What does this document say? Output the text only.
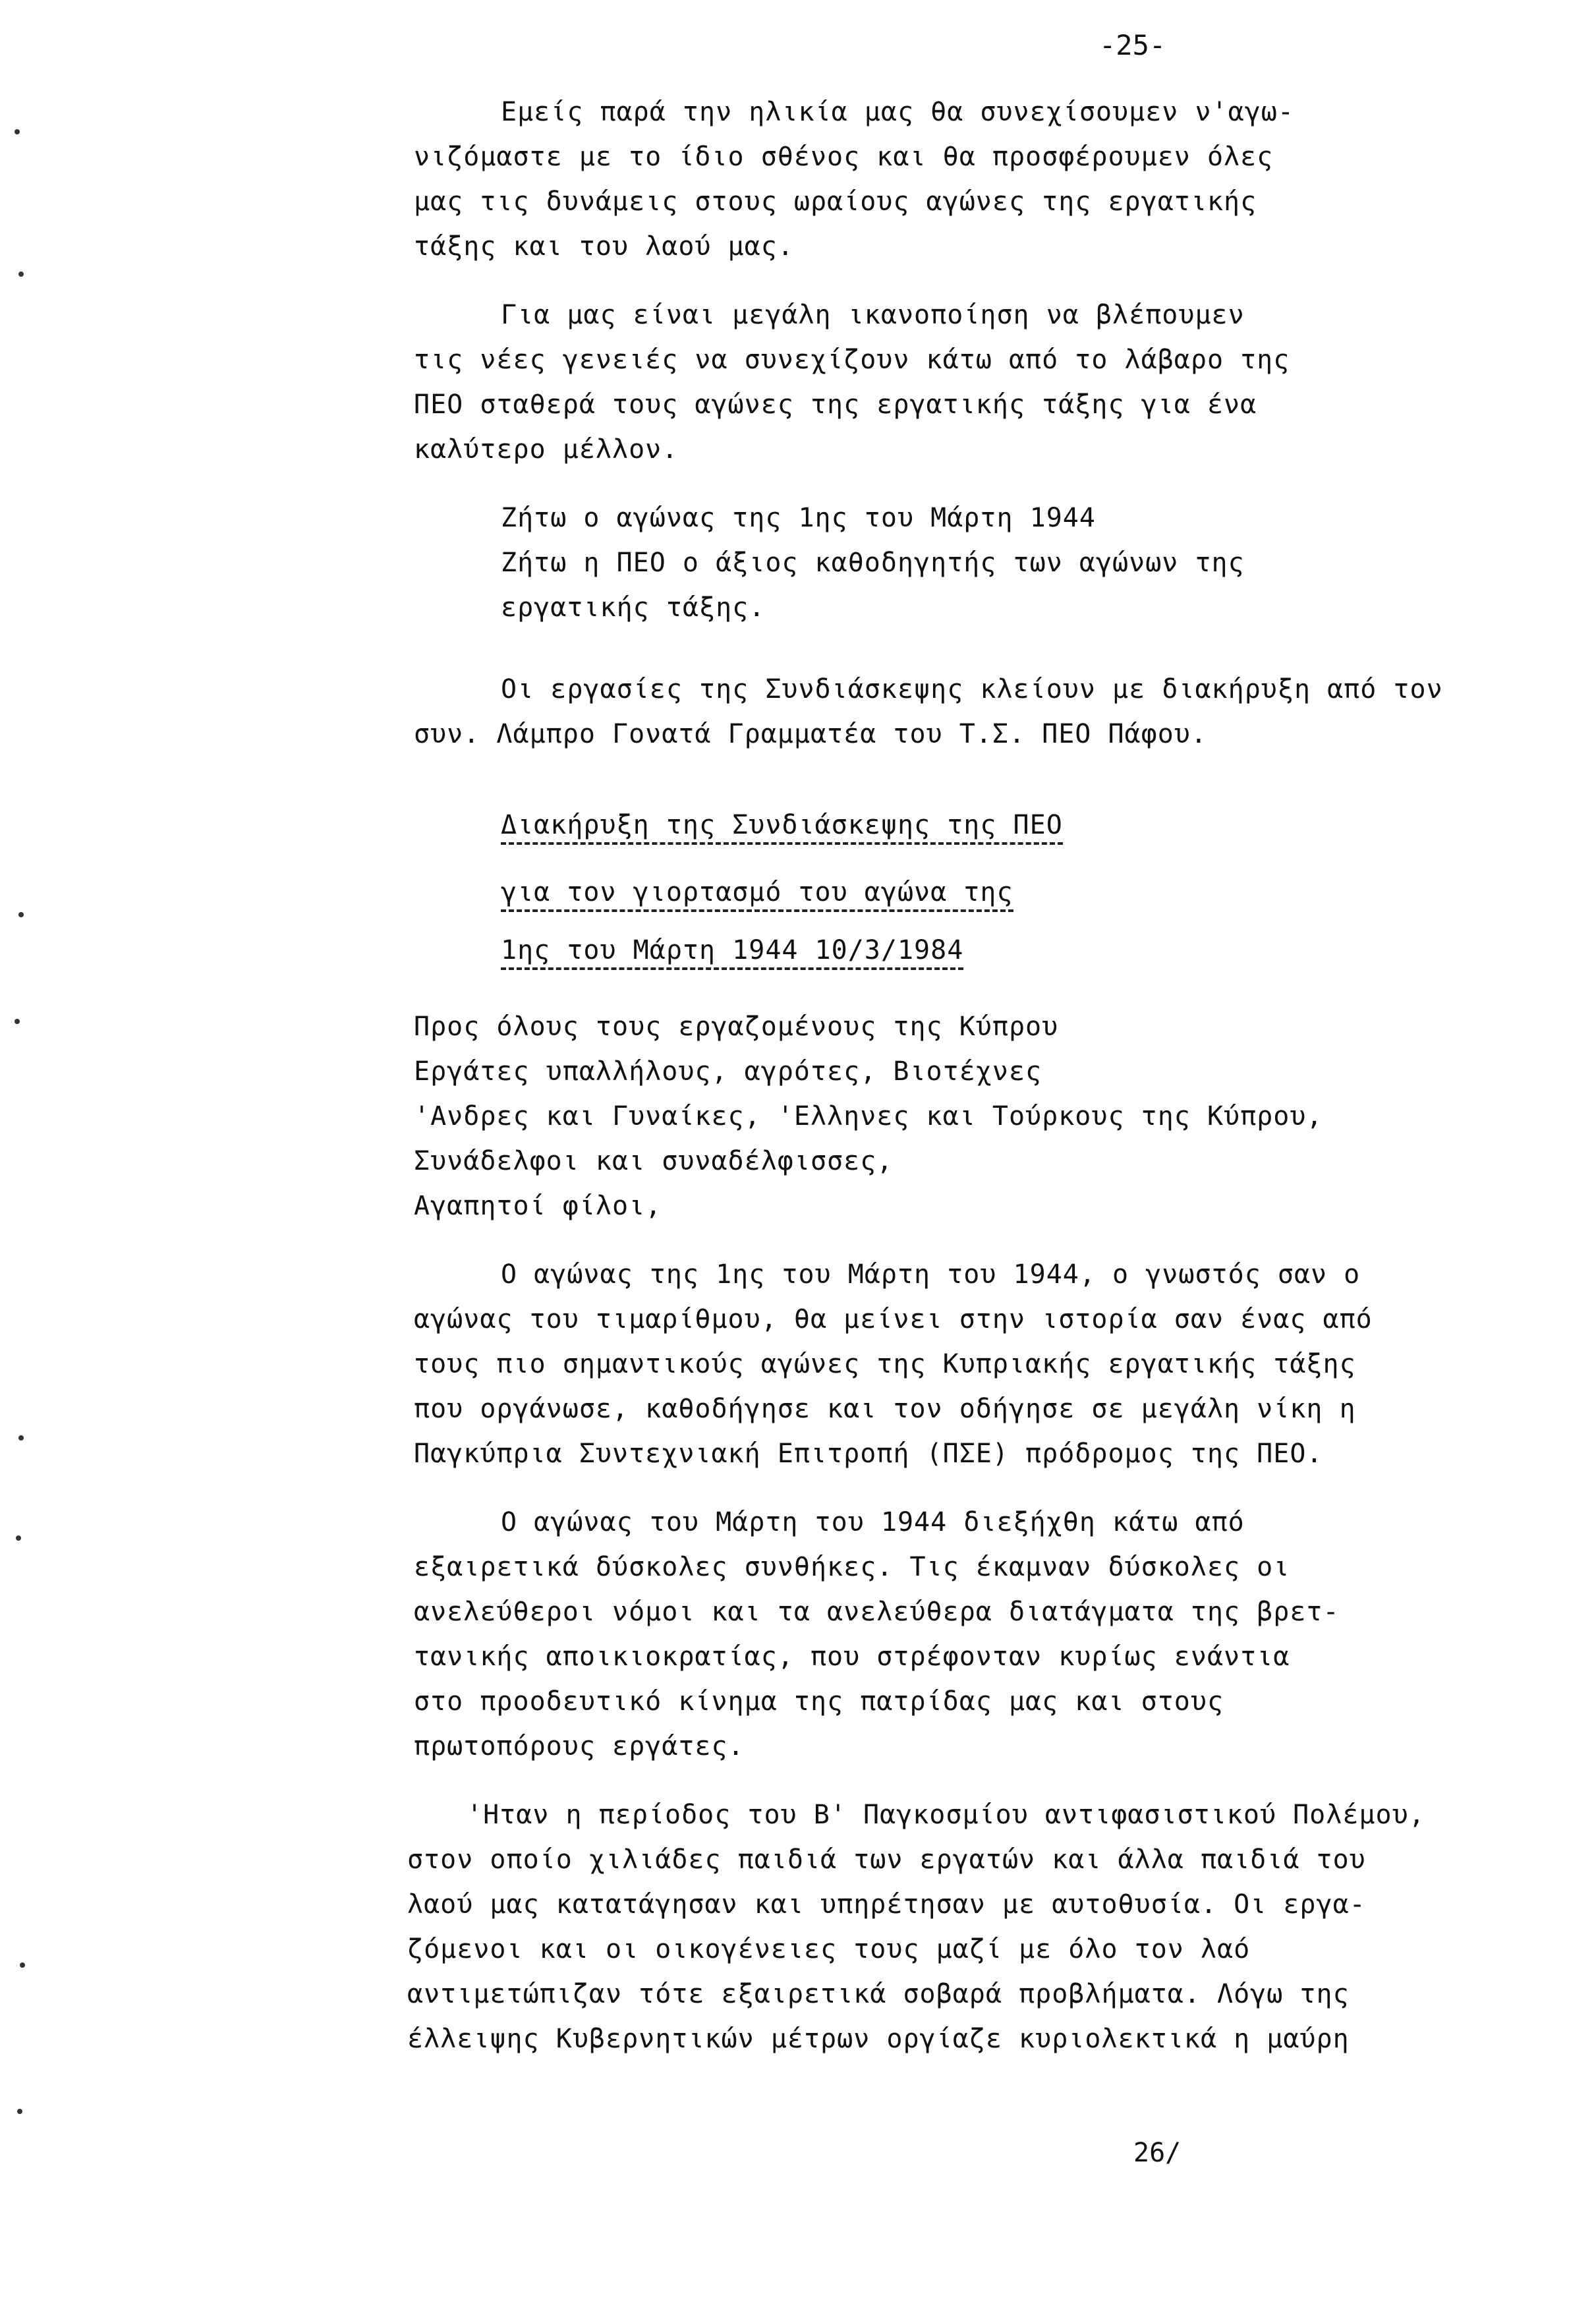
-25-
Εμείς παρά την ηλικία μας θα συνεχίσουμεν ν'αγω-
νιζόμαστε με το ίδιο σθένος και θα προσφέρουμεν όλες
μας τις δυνάμεις στους ωραίους αγώνες της εργατικής
τάξης και του λαού μας.
Για μας είναι μεγάλη ικανοποίηση να βλέπουμεν
τις νέες γενειές να συνεχίζουν κάτω από το λάβαρο της
ΠΕΟ σταθερά τους αγώνες της εργατικής τάξης για ένα
καλύτερο μέλλον.
Ζήτω ο αγώνας της 1ης του Μάρτη 1944
Ζήτω η ΠΕΟ ο άξιος καθοδηγητής των αγώνων της
εργατικής τάξης.
Οι εργασίες της Συνδιάσκεψης κλείουν με διακήρυξη από τον
συν. Λάμπρο Γονατά Γραμματέα του Τ.Σ. ΠΕΟ Πάφου.
Διακήρυξη της Συνδιάσκεψης της ΠΕΟ
για τον γιορτασμό του αγώνα της
1ης του Μάρτη 1944 10/3/1984
Προς όλους τους εργαζομένους της Κύπρου
Εργάτες υπαλλήλους, αγρότες, Βιοτέχνες
'Ανδρες και Γυναίκες, 'Ελληνες και Τούρκους της Κύπρου,
Συνάδελφοι και συναδέλφισσες,
Αγαπητοί φίλοι,
Ο αγώνας της 1ης του Μάρτη του 1944, ο γνωστός σαν ο
αγώνας του τιμαρίθμου, θα μείνει στην ιστορία σαν ένας από
τους πιο σημαντικούς αγώνες της Κυπριακής εργατικής τάξης
που οργάνωσε, καθοδήγησε και τον οδήγησε σε μεγάλη νίκη η
Παγκύπρια Συντεχνιακή Επιτροπή (ΠΣΕ) πρόδρομος της ΠΕΟ.
Ο αγώνας του Μάρτη του 1944 διεξήχθη κάτω από
εξαιρετικά δύσκολες συνθήκες. Τις έκαμναν δύσκολες οι
ανελεύθεροι νόμοι και τα ανελεύθερα διατάγματα της βρετ-
τανικής αποικιοκρατίας, που στρέφονταν κυρίως ενάντια
στο προοδευτικό κίνημα της πατρίδας μας και στους
πρωτοπόρους εργάτες.
'Ηταν η περίοδος του Β' Παγκοσμίου αντιφασιστικού Πολέμου,
στον οποίο χιλιάδες παιδιά των εργατών και άλλα παιδιά του
λαού μας κατατάγησαν και υπηρέτησαν με αυτοθυσία. Οι εργα-
ζόμενοι και οι οικογένειες τους μαζί με όλο τον λαό
αντιμετώπιζαν τότε εξαιρετικά σοβαρά προβλήματα. Λόγω της
έλλειψης Κυβερνητικών μέτρων οργίαζε κυριολεκτικά η μαύρη
26/
